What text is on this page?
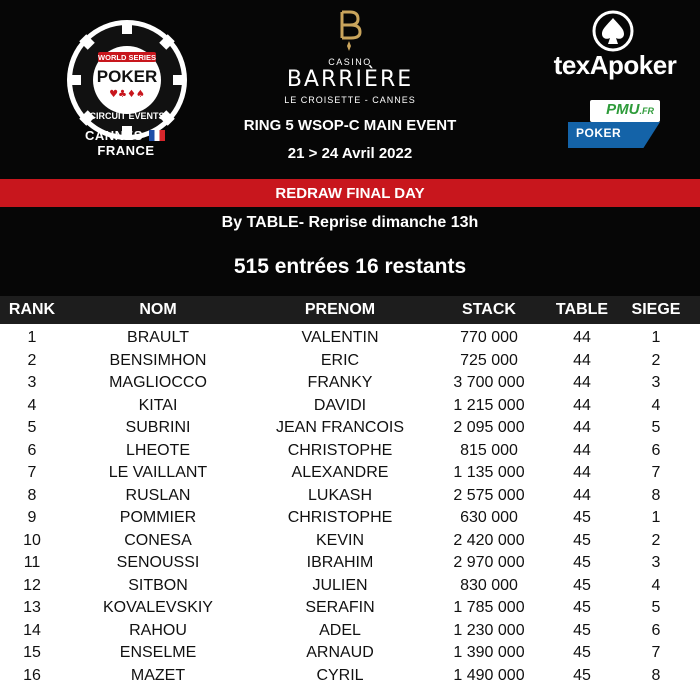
WORLD SERIES
POKER
♥♣♦♠
CIRCUIT EVENTS
CANNES  FRANCE
CASINO
BARRIÈRE
LE CROISETTE - CANNES
RING 5 WSOP-C MAIN EVENT
21 > 24 Avril 2022
texApoker
PMU.FR
POKER
REDRAW FINAL DAY
By TABLE- Reprise dimanche 13h
515 entrées 16 restants
RANK	NOM	PRENOM	STACK	TABLE	SIEGE
1	BRAULT	VALENTIN	770 000	44	1
2	BENSIMHON	ERIC	725 000	44	2
3	MAGLIOCCO	FRANKY	3 700 000	44	3
4	KITAI	DAVIDI	1 215 000	44	4
5	SUBRINI	JEAN FRANCOIS	2 095 000	44	5
6	LHEOTE	CHRISTOPHE	815 000	44	6
7	LE VAILLANT	ALEXANDRE	1 135 000	44	7
8	RUSLAN	LUKASH	2 575 000	44	8
9	POMMIER	CHRISTOPHE	630 000	45	1
10	CONESA	KEVIN	2 420 000	45	2
11	SENOUSSI	IBRAHIM	2 970 000	45	3
12	SITBON	JULIEN	830 000	45	4
13	KOVALEVSKIY	SERAFIN	1 785 000	45	5
14	RAHOU	ADEL	1 230 000	45	6
15	ENSELME	ARNAUD	1 390 000	45	7
16	MAZET	CYRIL	1 490 000	45	8
